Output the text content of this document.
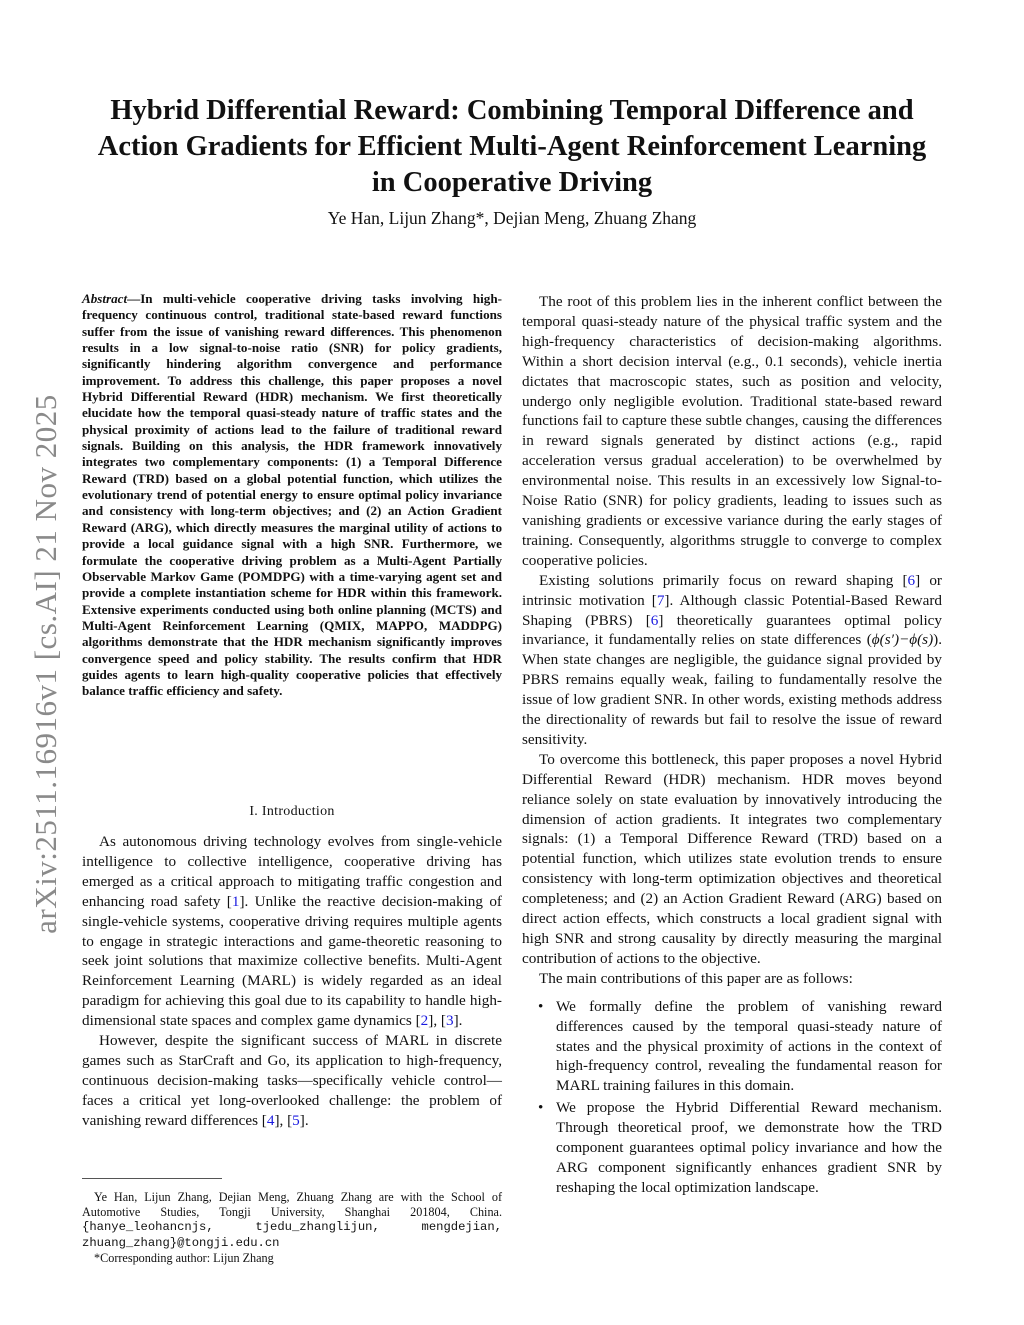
arXiv:2511.16916v1 [cs.AI] 21 Nov 2025
Hybrid Differential Reward: Combining Temporal Difference and
Action Gradients for Efficient Multi-Agent Reinforcement Learning
in Cooperative Driving
Ye Han, Lijun Zhang*, Dejian Meng, Zhuang Zhang
Abstract—In multi-vehicle cooperative driving tasks involving high-frequency continuous control, traditional state-based reward functions suffer from the issue of vanishing reward differences. This phenomenon results in a low signal-to-noise ratio (SNR) for policy gradients, significantly hindering algorithm convergence and performance improvement. To address this challenge, this paper proposes a novel Hybrid Differential Reward (HDR) mechanism. We first theoretically elucidate how the temporal quasi-steady nature of traffic states and the physical proximity of actions lead to the failure of traditional reward signals. Building on this analysis, the HDR framework innovatively integrates two complementary components: (1) a Temporal Difference Reward (TRD) based on a global potential function, which utilizes the evolutionary trend of potential energy to ensure optimal policy invariance and consistency with long-term objectives; and (2) an Action Gradient Reward (ARG), which directly measures the marginal utility of actions to provide a local guidance signal with a high SNR. Furthermore, we formulate the cooperative driving problem as a Multi-Agent Partially Observable Markov Game (POMDPG) with a time-varying agent set and provide a complete instantiation scheme for HDR within this framework. Extensive experiments conducted using both online planning (MCTS) and Multi-Agent Reinforcement Learning (QMIX, MAPPO, MADDPG) algorithms demonstrate that the HDR mechanism significantly improves convergence speed and policy stability. The results confirm that HDR guides agents to learn high-quality cooperative policies that effectively balance traffic efficiency and safety.
I. Introduction

As autonomous driving technology evolves from single-vehicle intelligence to collective intelligence, cooperative driving has emerged as a critical approach to mitigating traffic congestion and enhancing road safety [1]. Unlike the reactive decision-making of single-vehicle systems, cooperative driving requires multiple agents to engage in strategic interactions and game-theoretic reasoning to seek joint solutions that maximize collective benefits. Multi-Agent Reinforcement Learning (MARL) is widely regarded as an ideal paradigm for achieving this goal due to its capability to handle high-dimensional state spaces and complex game dynamics [2], [3].

However, despite the significant success of MARL in discrete games such as StarCraft and Go, its application to high-frequency, continuous decision-making tasks—specifically vehicle control—faces a critical yet long-overlooked challenge: the problem of vanishing reward differences [4], [5].

Ye Han, Lijun Zhang, Dejian Meng, Zhuang Zhang are with the School of Automotive Studies, Tongji University, Shanghai 201804, China. {hanye_leohancnjs, tjedu_zhanglijun, mengdejian, zhuang_zhang}@tongji.edu.cn

*Corresponding author: Lijun Zhang

The root of this problem lies in the inherent conflict between the temporal quasi-steady nature of the physical traffic system and the high-frequency characteristics of decision-making algorithms. Within a short decision interval (e.g., 0.1 seconds), vehicle inertia dictates that macroscopic states, such as position and velocity, undergo only negligible evolution. Traditional state-based reward functions fail to capture these subtle changes, causing the differences in reward signals generated by distinct actions (e.g., rapid acceleration versus gradual acceleration) to be overwhelmed by environmental noise. This results in an excessively low Signal-to-Noise Ratio (SNR) for policy gradients, leading to issues such as vanishing gradients or excessive variance during the early stages of training. Consequently, algorithms struggle to converge to complex cooperative policies.

Existing solutions primarily focus on reward shaping [6] or intrinsic motivation [7]. Although classic Potential-Based Reward Shaping (PBRS) [6] theoretically guarantees optimal policy invariance, it fundamentally relies on state differences (ϕ(s′)−ϕ(s)). When state changes are negligible, the guidance signal provided by PBRS remains equally weak, failing to fundamentally resolve the issue of low gradient SNR. In other words, existing methods address the directionality of rewards but fail to resolve the issue of reward sensitivity.

To overcome this bottleneck, this paper proposes a novel Hybrid Differential Reward (HDR) mechanism. HDR moves beyond reliance solely on state evaluation by innovatively introducing the dimension of action gradients. It integrates two complementary signals: (1) a Temporal Difference Reward (TRD) based on a potential function, which utilizes state evolution trends to ensure consistency with long-term optimization objectives and theoretical completeness; and (2) an Action Gradient Reward (ARG) based on direct action effects, which constructs a local gradient signal with high SNR and strong causality by directly measuring the marginal contribution of actions to the objective.

The main contributions of this paper are as follows:

• We formally define the problem of vanishing reward differences caused by the temporal quasi-steady nature of states and the physical proximity of actions in the context of high-frequency control, revealing the fundamental reason for MARL training failures in this domain.
• We propose the Hybrid Differential Reward mechanism. Through theoretical proof, we demonstrate how the TRD component guarantees optimal policy invariance and how the ARG component significantly enhances gradient SNR by reshaping the local optimization landscape.
